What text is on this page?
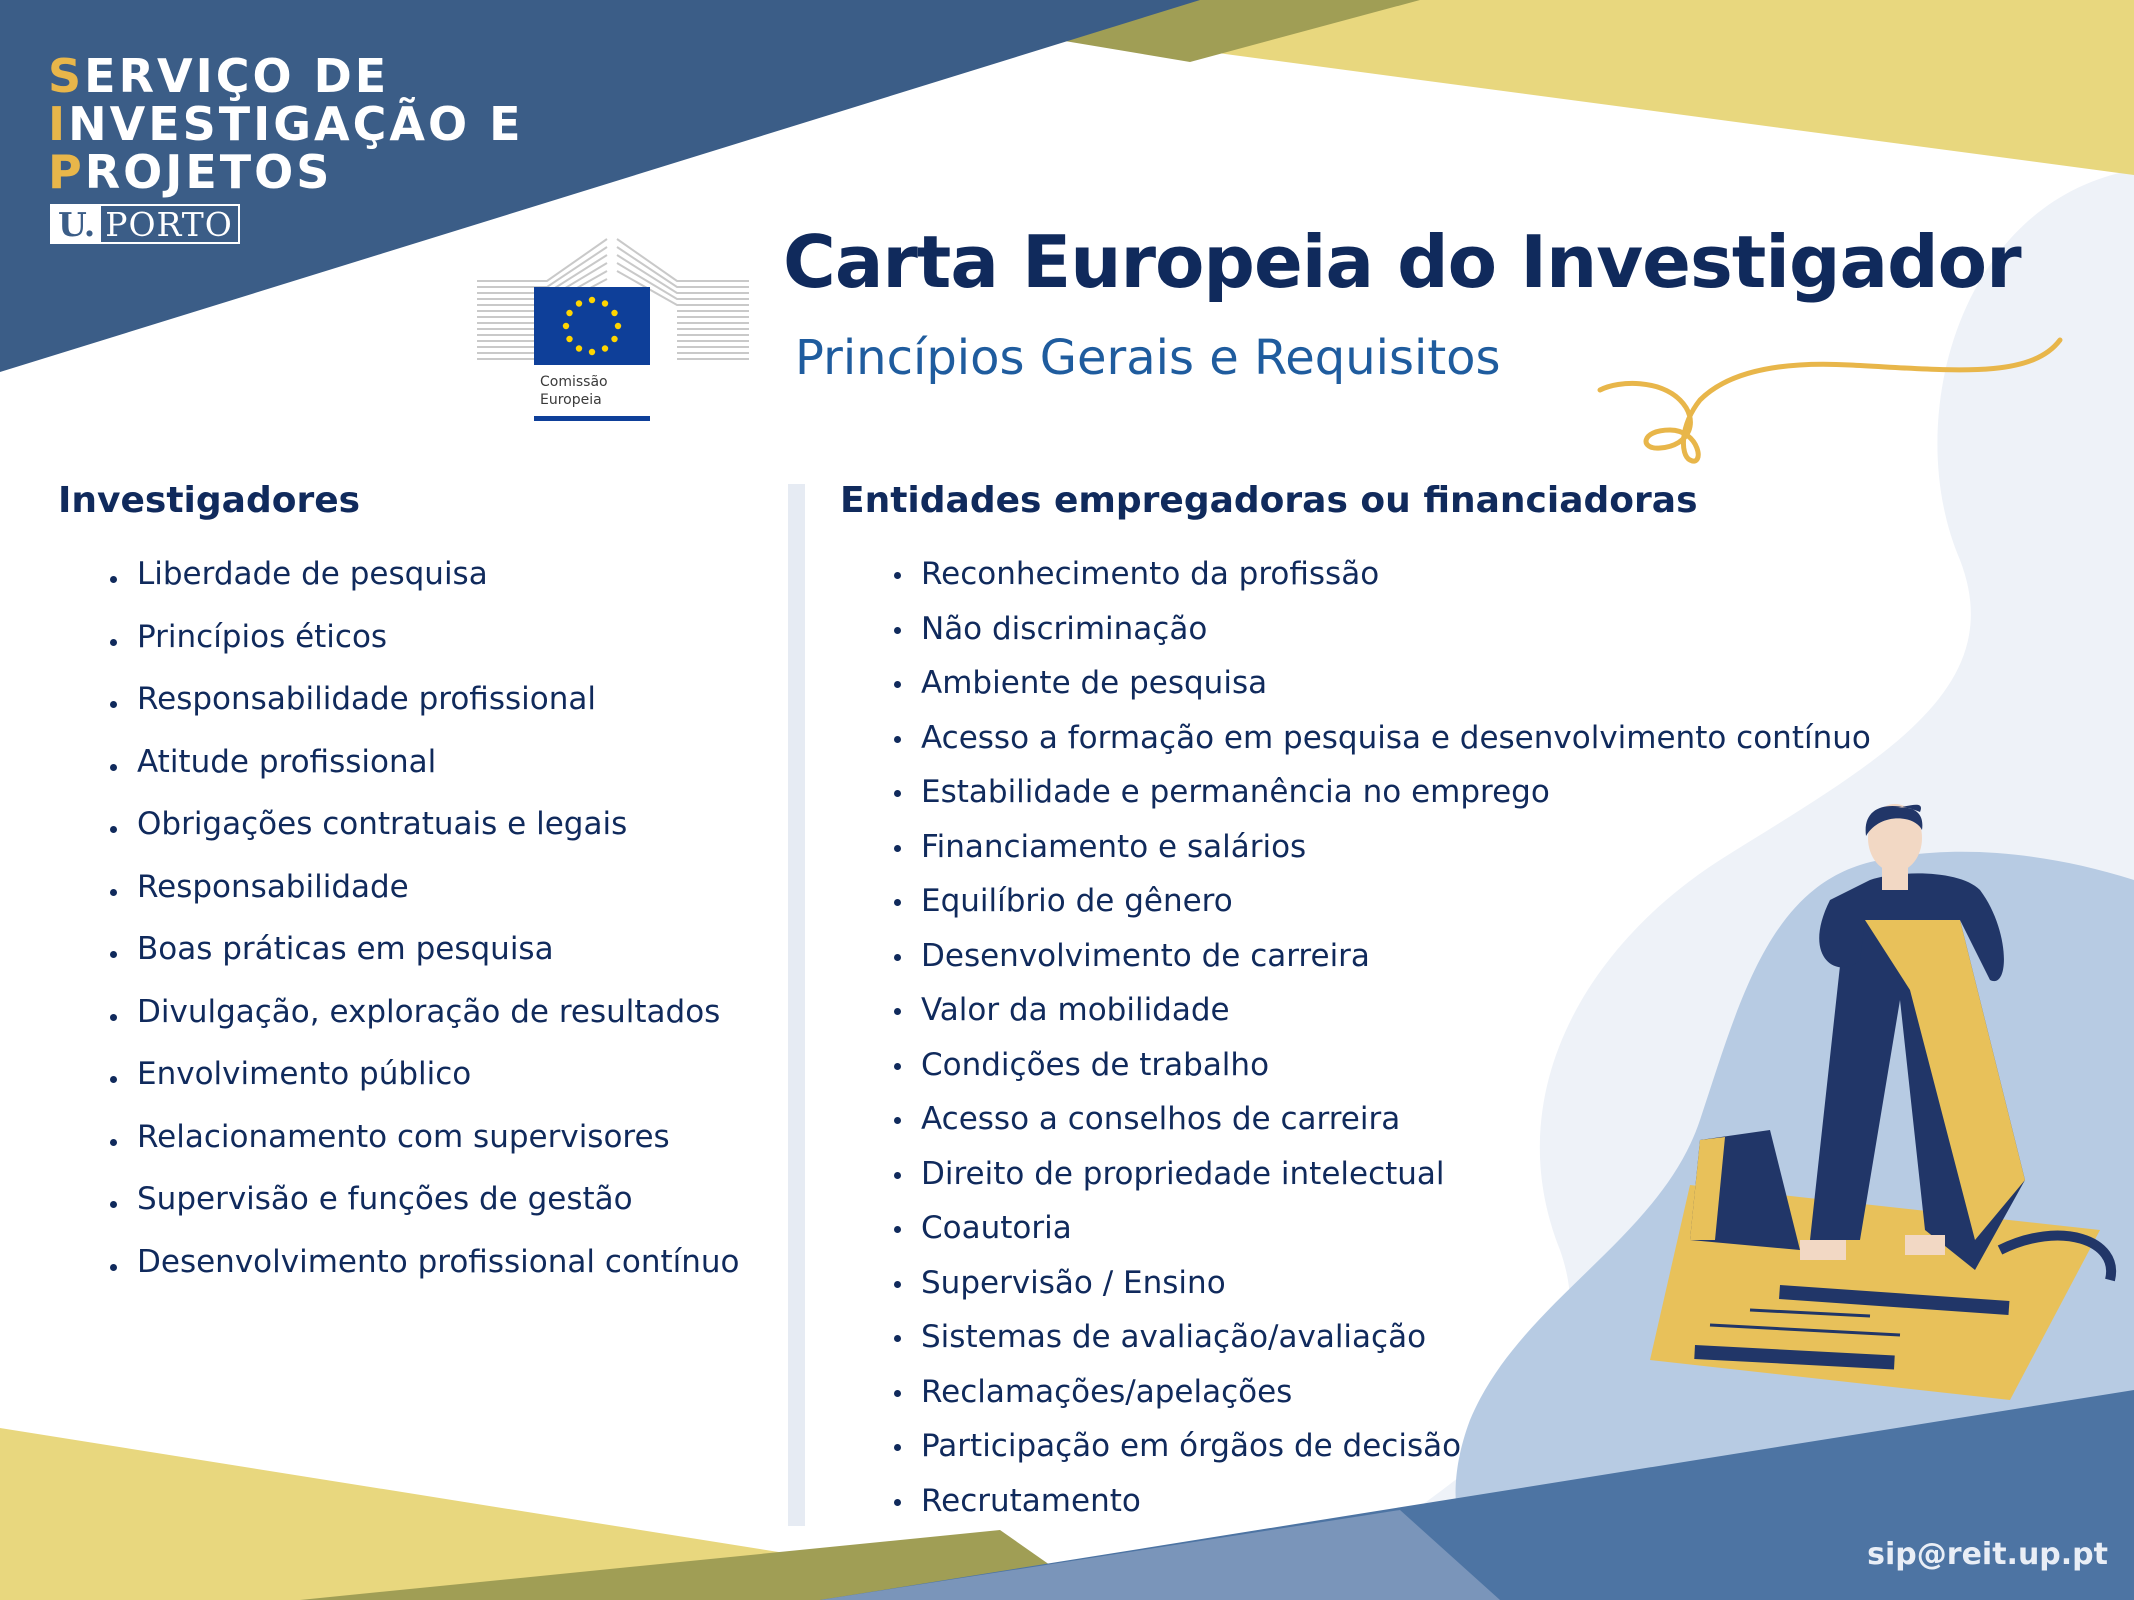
SERVIÇO DE
INVESTIGAÇÃO E
PROJETOS
U. PORTO
Comissão
Europeia
Carta Europeia do Investigador
Princípios Gerais e Requisitos
Investigadores
Liberdade de pesquisa
Princípios éticos
Responsabilidade profissional
Atitude profissional
Obrigações contratuais e legais
Responsabilidade
Boas práticas em pesquisa
Divulgação, exploração de resultados
Envolvimento público
Relacionamento com supervisores
Supervisão e funções de gestão
Desenvolvimento profissional contínuo
Entidades empregadoras ou financiadoras
Reconhecimento da profissão
Não discriminação
Ambiente de pesquisa
Acesso a formação em pesquisa e desenvolvimento contínuo
Estabilidade e permanência no emprego
Financiamento e salários
Equilíbrio de gênero
Desenvolvimento de carreira
Valor da mobilidade
Condições de trabalho
Acesso a conselhos de carreira
Direito de propriedade intelectual
Coautoria
Supervisão / Ensino
Sistemas de avaliação/avaliação
Reclamações/apelações
Participação em órgãos de decisão
Recrutamento
sip@reit.up.pt
